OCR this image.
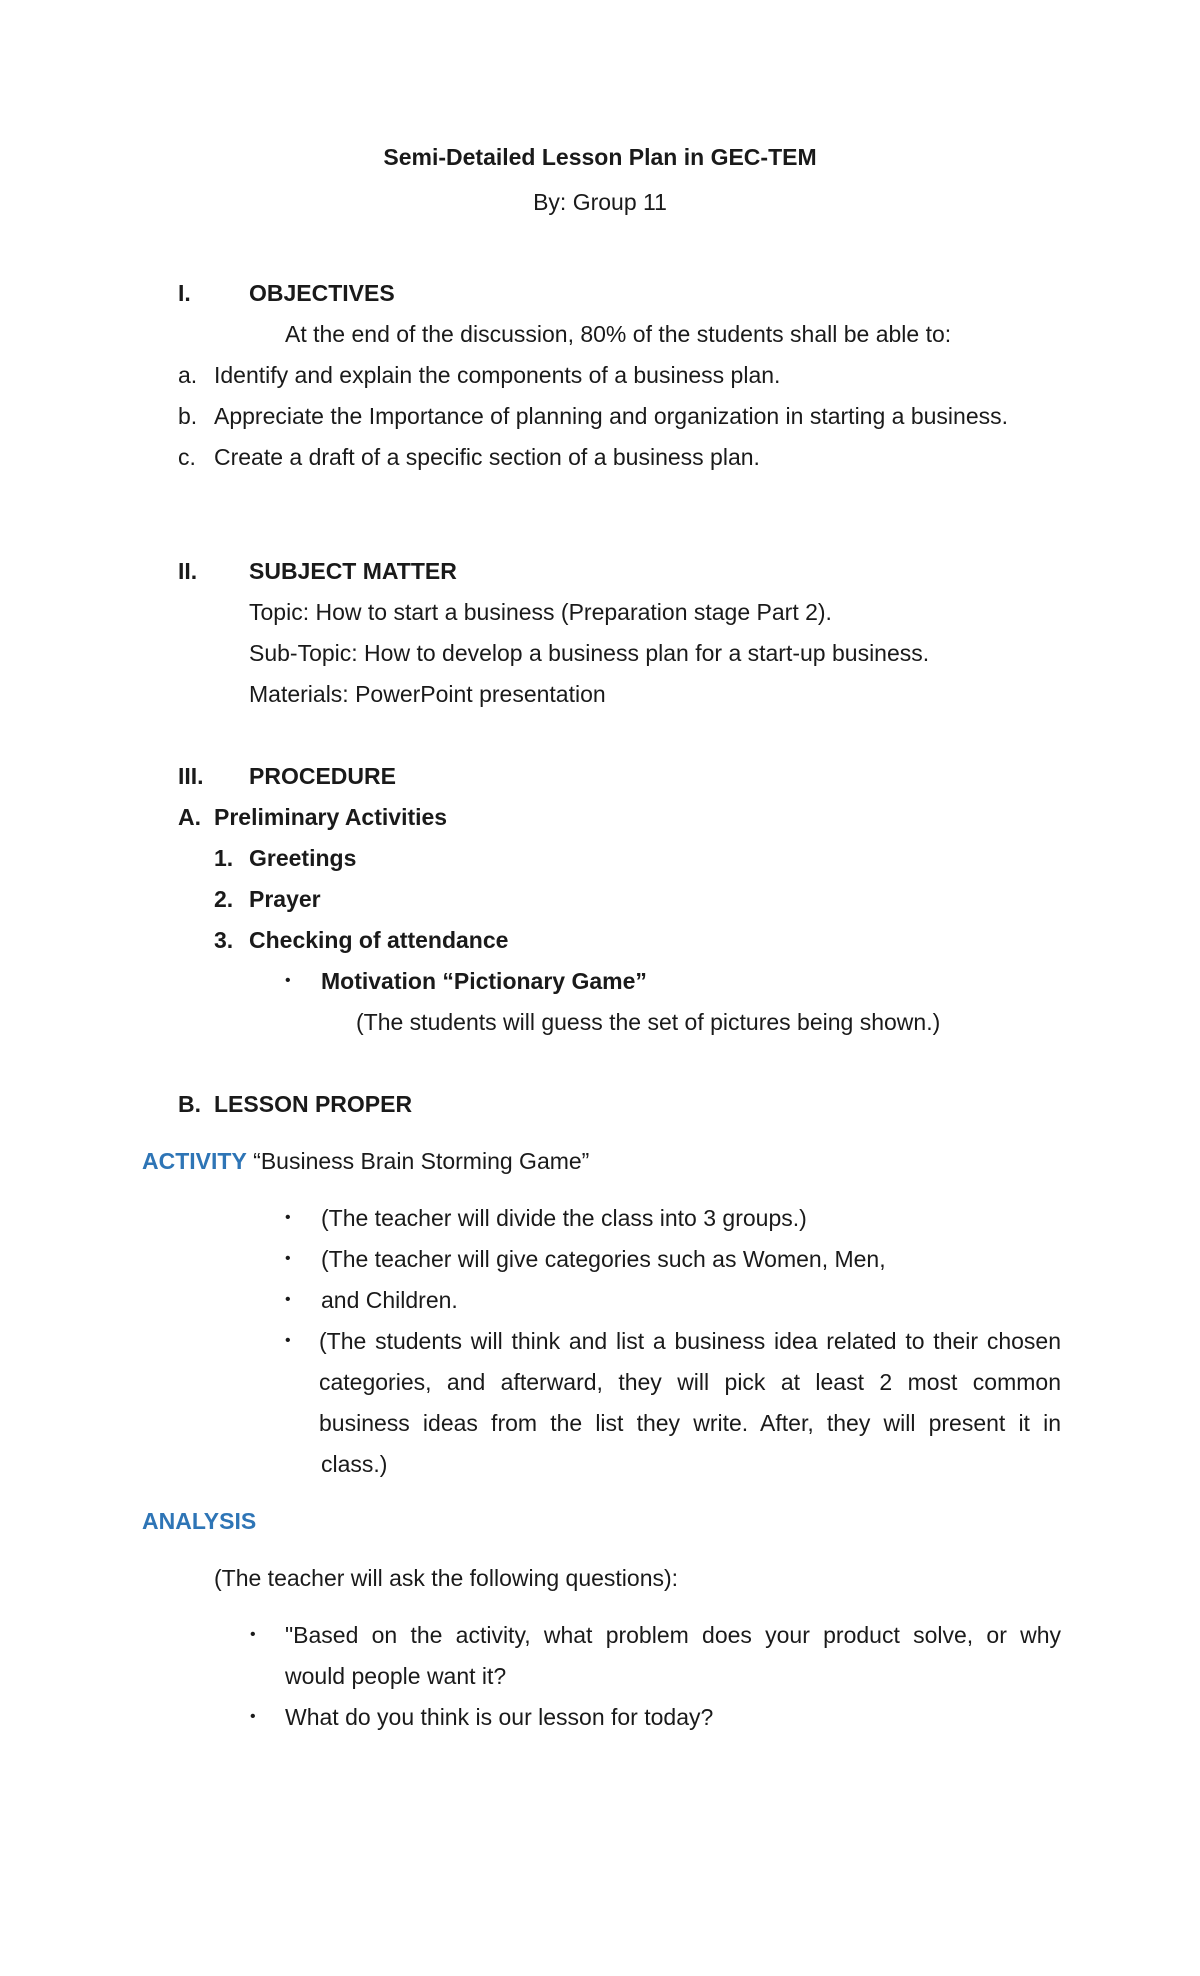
Semi-Detailed Lesson Plan in GEC-TEM
By: Group 11
I.	OBJECTIVES
At the end of the discussion, 80% of the students shall be able to:
a. Identify and explain the components of a business plan.
b. Appreciate the Importance of planning and organization in starting a business.
c. Create a draft of a specific section of a business plan.
II. SUBJECT MATTER
Topic: How to start a business (Preparation stage Part 2).
Sub-Topic: How to develop a business plan for a start-up business.
Materials: PowerPoint presentation
III. PROCEDURE
A. Preliminary Activities
1. Greetings
2. Prayer
3. Checking of attendance
• Motivation “Pictionary Game”
(The students will guess the set of pictures being shown.)
B. LESSON PROPER
ACTIVITY “Business Brain Storming Game”
• (The teacher will divide the class into 3 groups.)
• (The teacher will give categories such as Women, Men,
• and Children.
• (The students will think and list a business idea related to their chosen
categories, and afterward, they will pick at least 2 most common
business ideas from the list they write. After, they will present it in
class.)
ANALYSIS
(The teacher will ask the following questions):
• "Based on the activity, what problem does your product solve, or why
would people want it?
• What do you think is our lesson for today?
